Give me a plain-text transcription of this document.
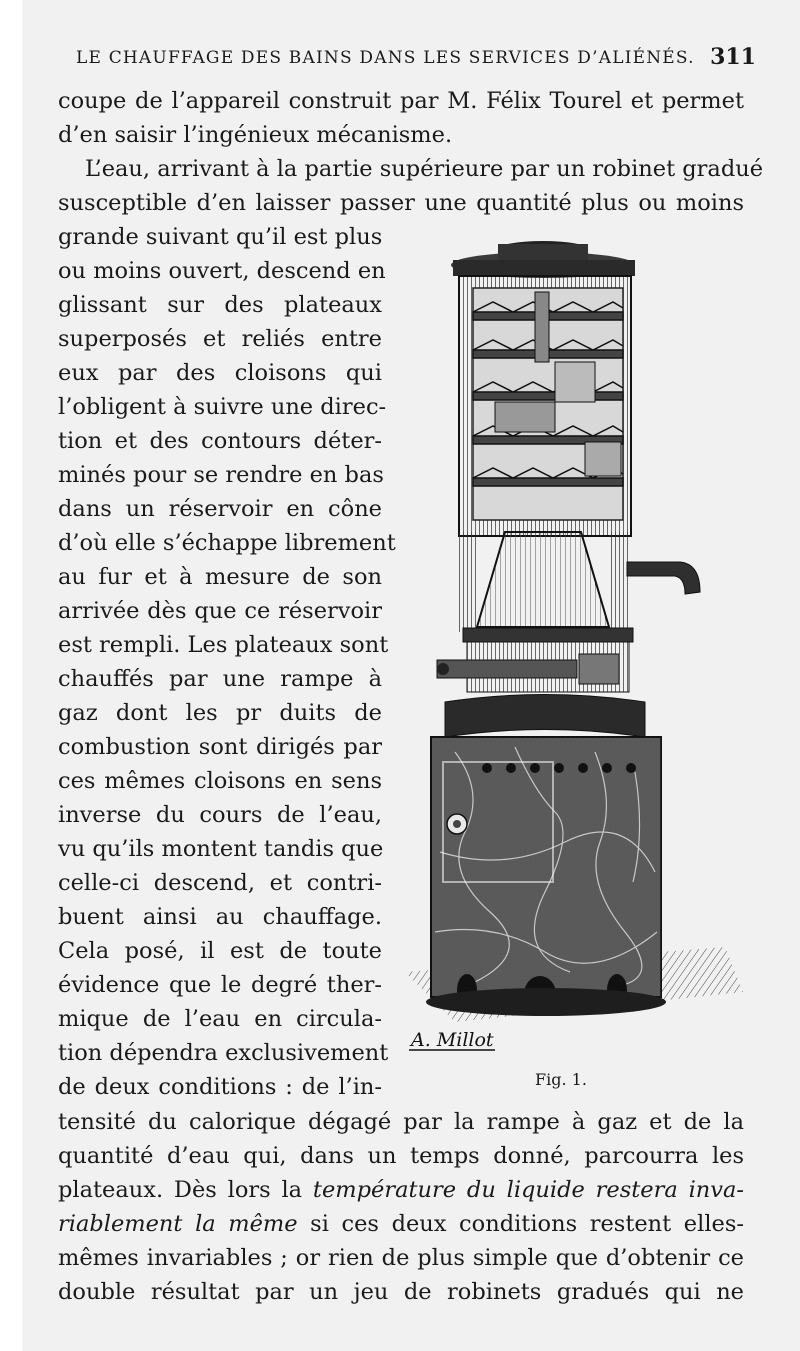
LE CHAUFFAGE DES BAINS DANS LES SERVICES D’ALIÉNÉS. 311
coupe de l’appareil construit par M. Félix Tourel et permet
d’en saisir l’ingénieux mécanisme.
L’eau, arrivant à la partie supérieure par un robinet gradué
susceptible d’en laisser passer une quantité plus ou moins
grande suivant qu’il est plus
ou moins ouvert, descend en
glissant sur des plateaux
superposés et reliés entre
eux par des cloisons qui
l’obligent à suivre une direc-
tion et des contours déter-
minés pour se rendre en bas
dans un réservoir en cône
d’où elle s’échappe librement
au fur et à mesure de son
arrivée dès que ce réservoir
est rempli. Les plateaux sont
chauffés par une rampe à
gaz dont les pr duits de
combustion sont dirigés par
ces mêmes cloisons en sens
inverse du cours de l’eau,
vu qu’ils montent tandis que
celle-ci descend, et contri-
buent ainsi au chauffage.
Cela posé, il est de toute
évidence que le degré ther-
mique de l’eau en circula-
tion dépendra exclusivement
de deux conditions : de l’in-
tensité du calorique dégagé par la rampe à gaz et de la
quantité d’eau qui, dans un temps donné, parcourra les
plateaux. Dès lors la température du liquide restera inva-
riablement la même si ces deux conditions restent elles-
mêmes invariables ; or rien de plus simple que d’obtenir ce
double résultat par un jeu de robinets gradués qui ne
A. Millot
Fig. 1.
